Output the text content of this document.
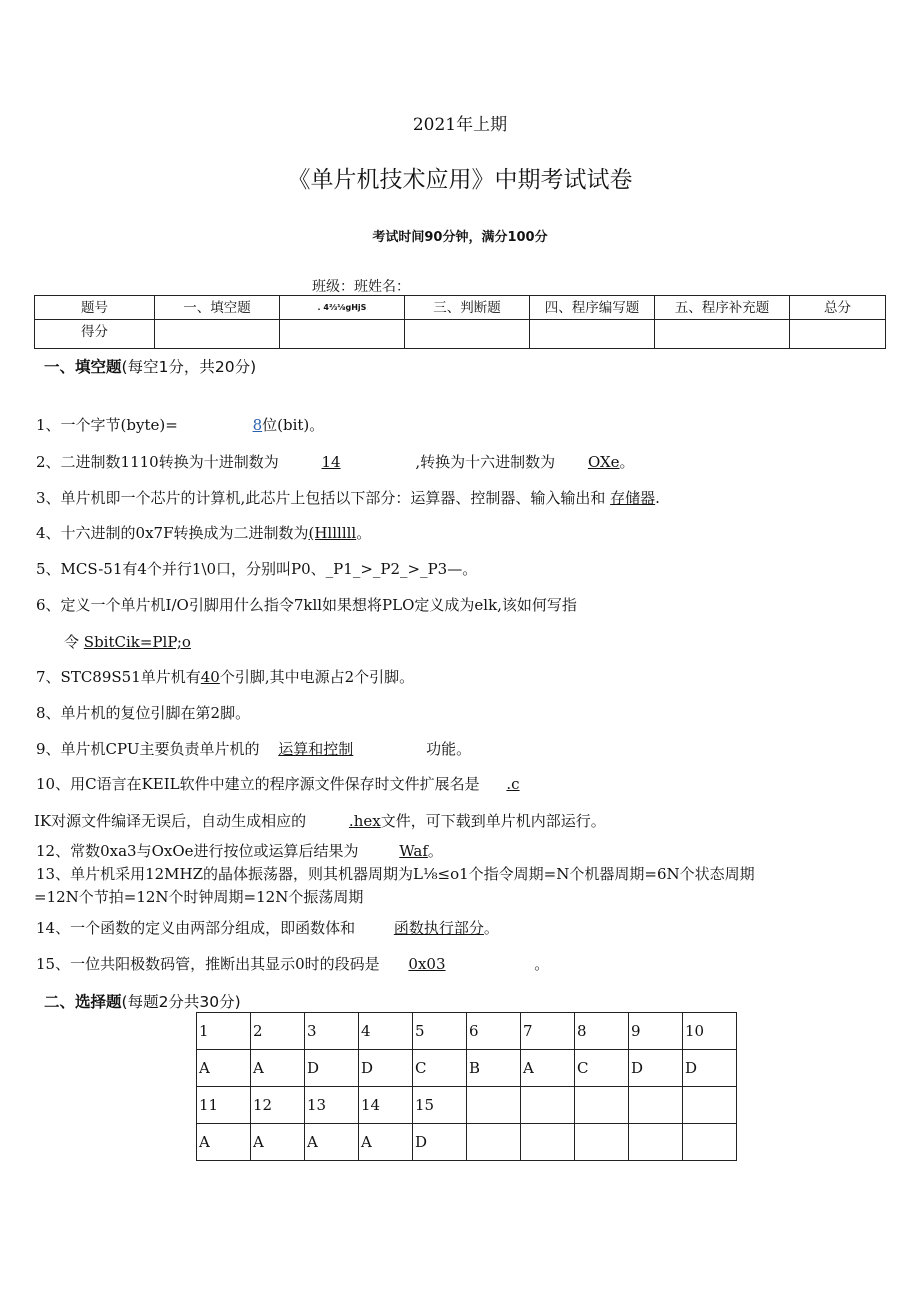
2021年上期
《单片机技术应用》中期考试试卷
考试时间90分钟，满分100分
班级：班姓名：
题号	一、填空题	. 4⅔⅛gHjS	三、判断题	四、程序编写题	五、程序补充题	总分
得分						
一、填空题(每空1分，共20分)
1、一个字节(byte)=	8位(bit)。
2、二进制数1110转换为十进制数为	14	,转换为十六进制数为 OXe。
3、单片机即一个芯片的计算机,此芯片上包括以下部分：运算器、控制器、输入输出和 存储器.
4、十六进制的0x7F转换成为二进制数为(Hllllll。
5、MCS-51有4个并行1\0口，分别叫P0、_P1_>_P2_>_P3—。
6、定义一个单片机I/O引脚用什么指令7kll如果想将PLO定义成为elk,该如何写指
令 SbitCik=PlP;o
7、STC89S51单片机有40个引脚,其中电源占2个引脚。
8、单片机的复位引脚在第2脚。
9、单片机CPU主要负责单片机的 运算和控制	功能。
10、用C语言在KEIL软件中建立的程序源文件保存时文件扩展名是 .c
IK对源文件编译无误后，自动生成相应的	.hex文件，可下载到单片机内部运行。
12、常数0xa3与OxOe进行按位或运算后结果为	Waf。
13、单片机采用12MHZ的晶体振荡器，则其机器周期为L⅛≤o1个指令周期=N个机器周期=6N个状态周期
=12N个节拍=12N个时钟周期=12N个振荡周期
14、一个函数的定义由两部分组成，即函数体和	函数执行部分。
15、一位共阳极数码管，推断出其显示0时的段码是 0x03	。
二、选择题(每题2分共30分)
1	2	3	4	5	6	7	8	9	10
A	A	D	D	C	B	A	C	D	D
11	12	13	14	15					
A	A	A	A	D					
